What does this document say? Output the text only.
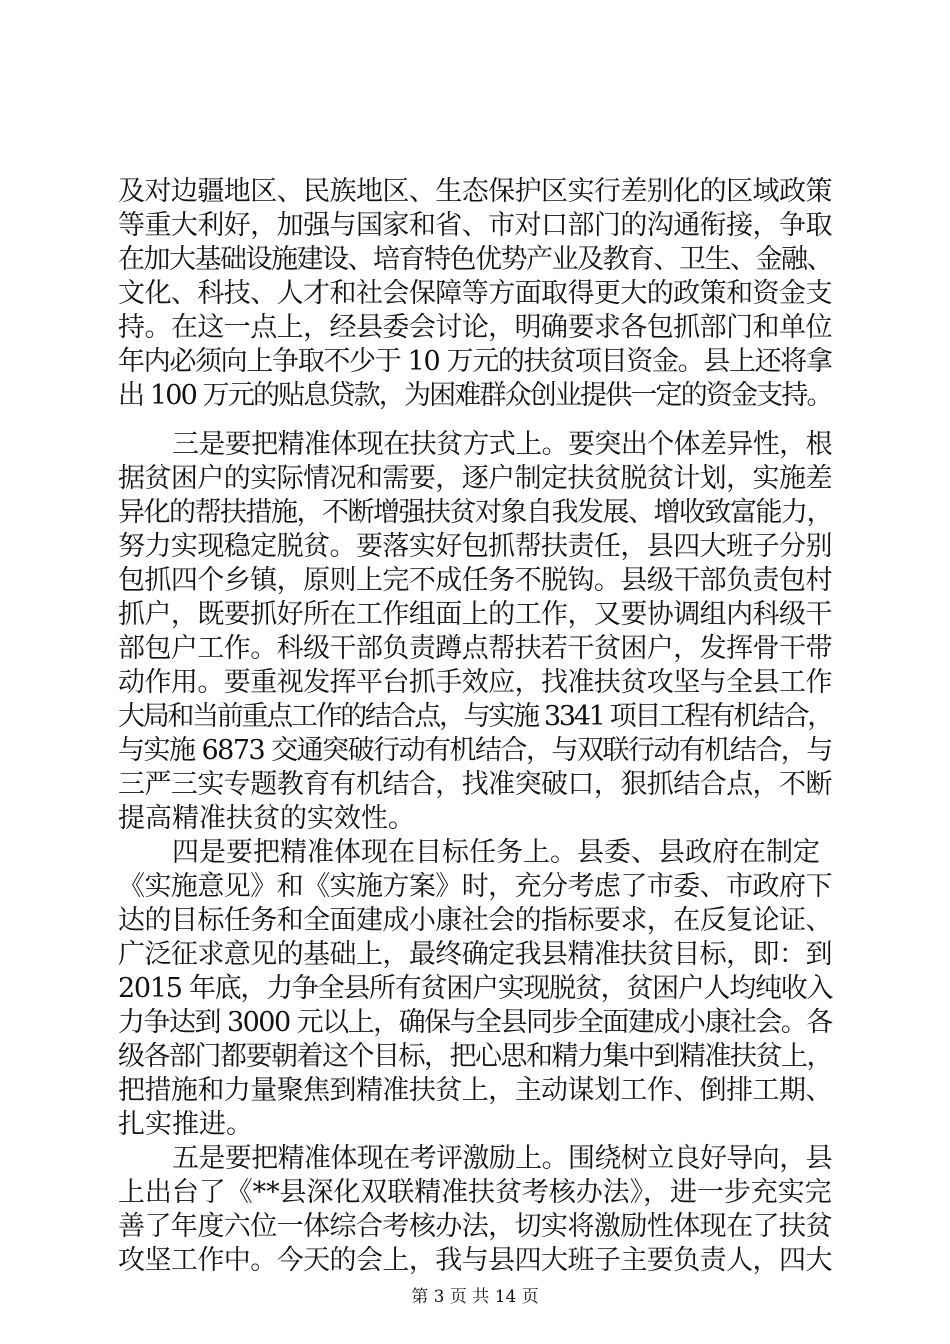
及对边疆地区、民族地区、生态保护区实行差别化的区域政策
等重大利好，加强与国家和省、市对口部门的沟通衔接，争取
在加大基础设施建设、培育特色优势产业及教育、卫生、金融、
文化、科技、人才和社会保障等方面取得更大的政策和资金支
持。在这一点上，经县委会讨论，明确要求各包抓部门和单位
年内必须向上争取不少于 10 万元的扶贫项目资金。县上还将拿
出 100 万元的贴息贷款，为困难群众创业提供一定的资金支持。
三是要把精准体现在扶贫方式上。要突出个体差异性，根
据贫困户的实际情况和需要，逐户制定扶贫脱贫计划，实施差
异化的帮扶措施，不断增强扶贫对象自我发展、增收致富能力，
努力实现稳定脱贫。要落实好包抓帮扶责任，县四大班子分别
包抓四个乡镇，原则上完不成任务不脱钩。县级干部负责包村
抓户，既要抓好所在工作组面上的工作，又要协调组内科级干
部包户工作。科级干部负责蹲点帮扶若干贫困户，发挥骨干带
动作用。要重视发挥平台抓手效应，找准扶贫攻坚与全县工作
大局和当前重点工作的结合点，与实施 3341 项目工程有机结合，
与实施 6873 交通突破行动有机结合，与双联行动有机结合，与
三严三实专题教育有机结合，找准突破口，狠抓结合点，不断
提高精准扶贫的实效性。
四是要把精准体现在目标任务上。县委、县政府在制定
《实施意见》和《实施方案》时，充分考虑了市委、市政府下
达的目标任务和全面建成小康社会的指标要求，在反复论证、
广泛征求意见的基础上，最终确定我县精准扶贫目标，即：到
2015 年底，力争全县所有贫困户实现脱贫，贫困户人均纯收入
力争达到 3000 元以上，确保与全县同步全面建成小康社会。各
级各部门都要朝着这个目标，把心思和精力集中到精准扶贫上，
把措施和力量聚焦到精准扶贫上，主动谋划工作、倒排工期、
扎实推进。
五是要把精准体现在考评激励上。围绕树立良好导向，县
上出台了《**县深化双联精准扶贫考核办法》，进一步充实完
善了年度六位一体综合考核办法，切实将激励性体现在了扶贫
攻坚工作中。今天的会上，我与县四大班子主要负责人，四大
第 3 页 共 14 页
